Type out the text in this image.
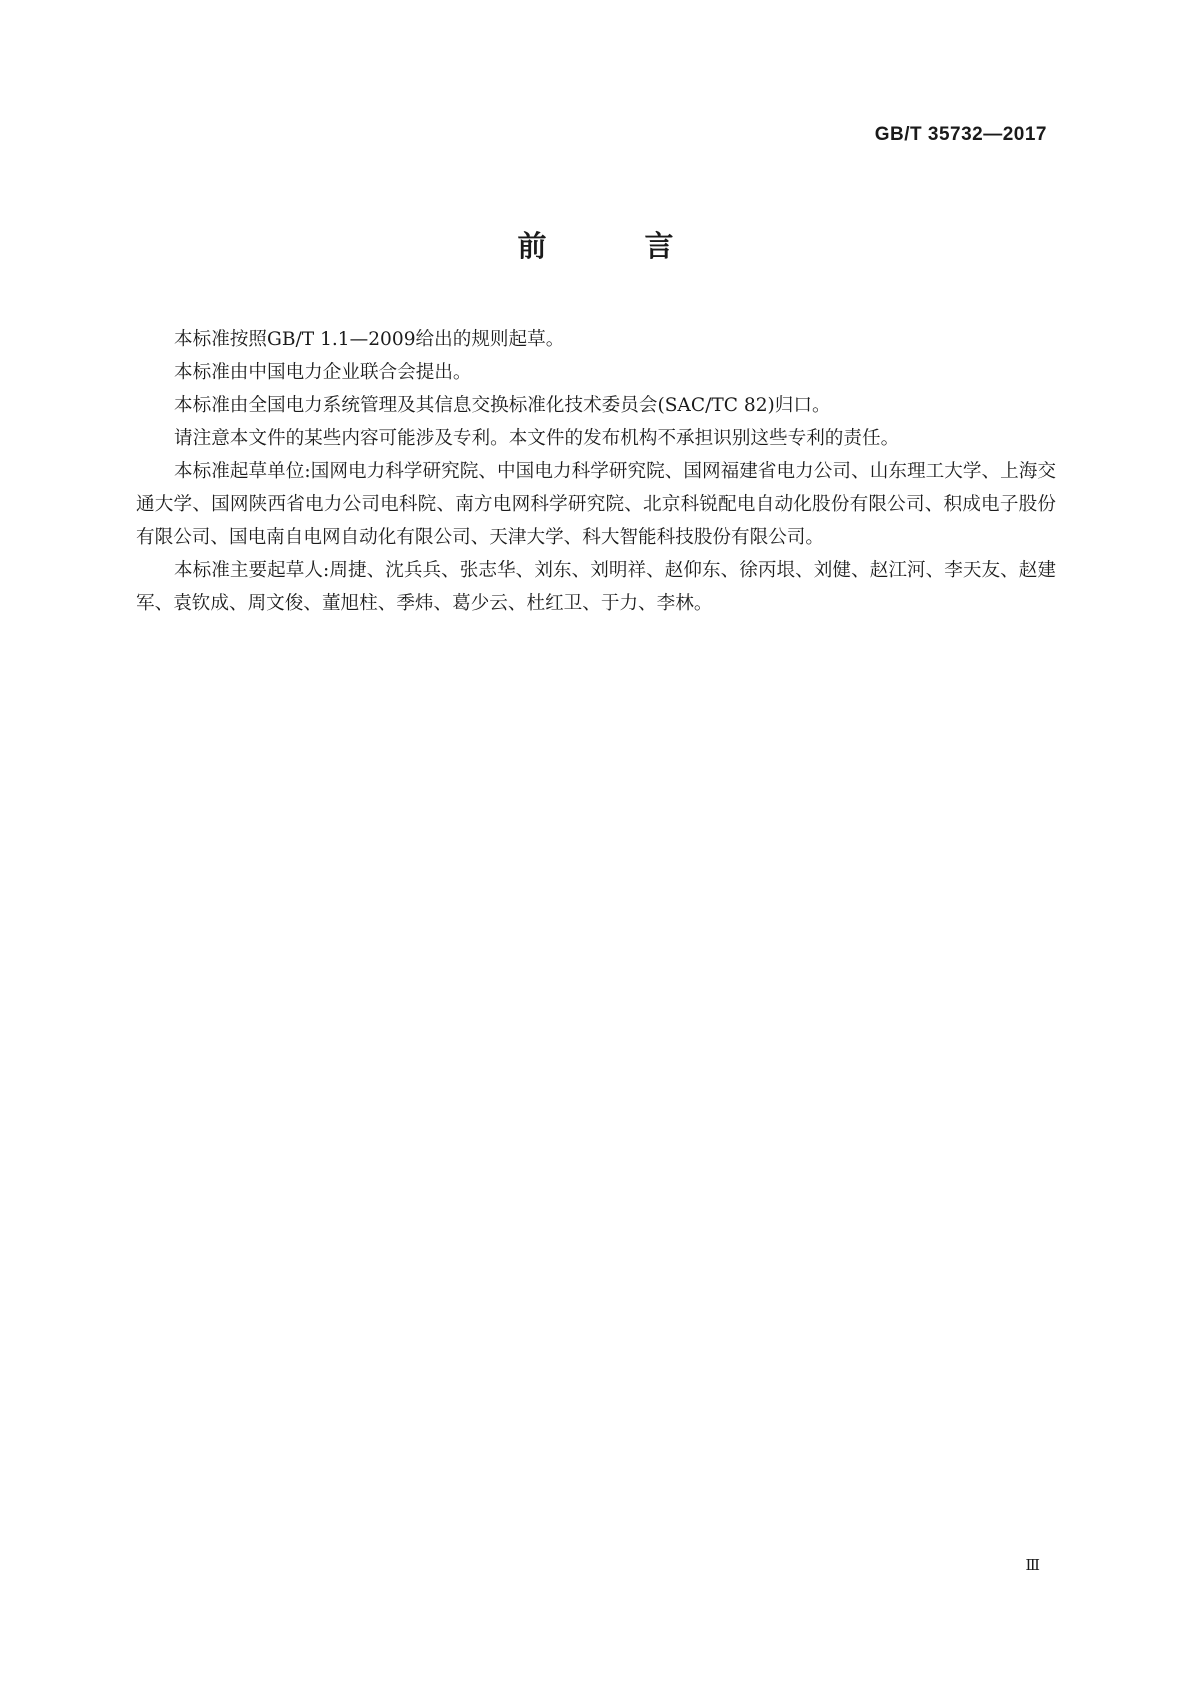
GB/T 35732—2017
前 言

本标准按照GB/T 1.1—2009给出的规则起草。

本标准由中国电力企业联合会提出。

本标准由全国电力系统管理及其信息交换标准化技术委员会(SAC/TC 82)归口。

请注意本文件的某些内容可能涉及专利。本文件的发布机构不承担识别这些专利的责任。

本标准起草单位:国网电力科学研究院、中国电力科学研究院、国网福建省电力公司、山东理工大学、上海交通大学、国网陕西省电力公司电科院、南方电网科学研究院、北京科锐配电自动化股份有限公司、积成电子股份有限公司、国电南自电网自动化有限公司、天津大学、科大智能科技股份有限公司。

本标准主要起草人:周捷、沈兵兵、张志华、刘东、刘明祥、赵仰东、徐丙垠、刘健、赵江河、李天友、赵建军、袁钦成、周文俊、董旭柱、季炜、葛少云、杜红卫、于力、李林。

Ⅲ
